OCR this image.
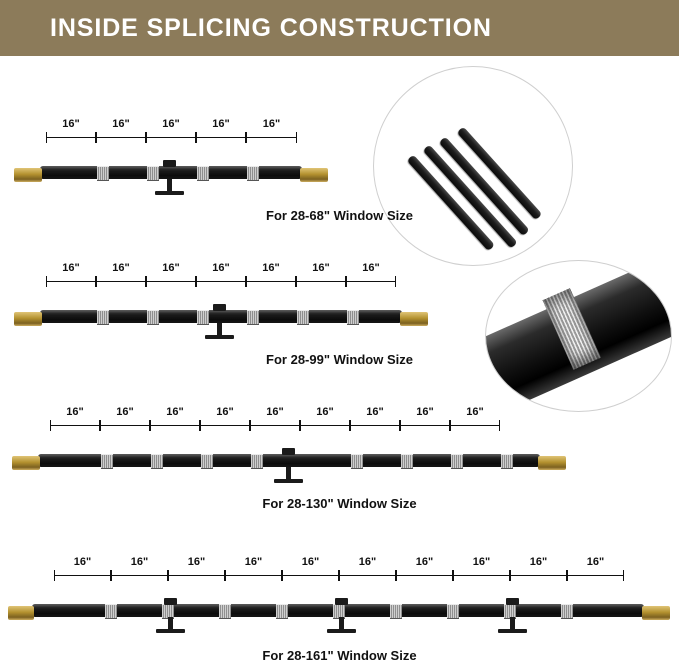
INSIDE SPLICING CONSTRUCTION
16"	16"	16"	16"	16"
For 28-68" Window Size
16"	16"	16"	16"	16"	16"	16"
For 28-99" Window Size
16"	16"	16"	16"	16"	16"	16"	16"	16"
For 28-130" Window Size
16"	16"	16"	16"	16"	16"	16"	16"	16"	16"
For 28-161" Window Size
